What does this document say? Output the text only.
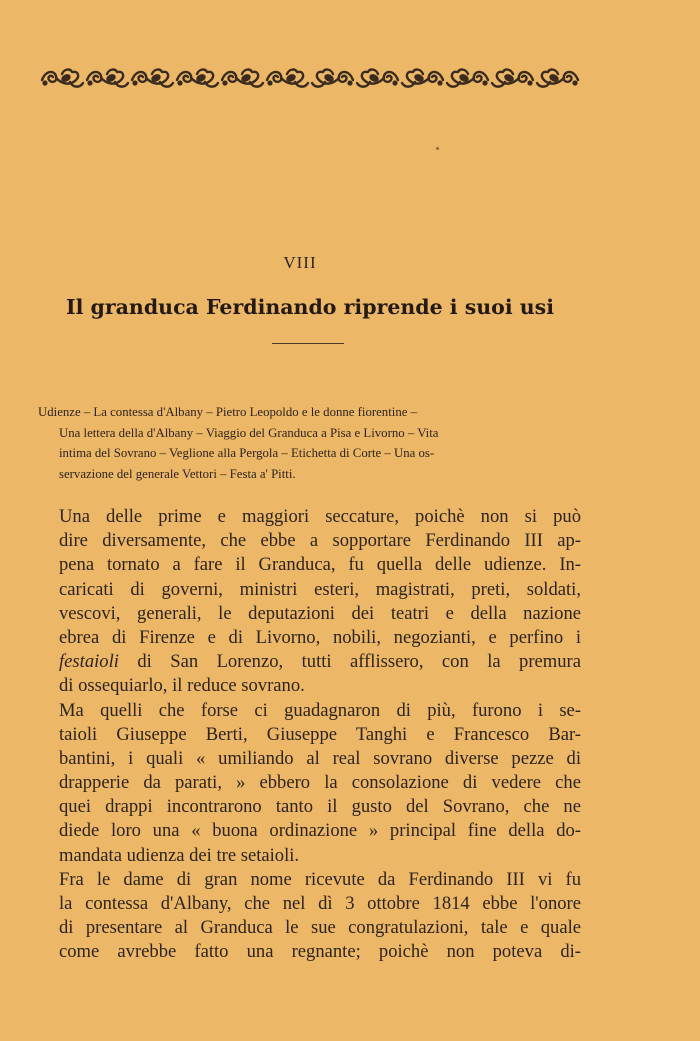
VIII
Il granduca Ferdinando riprende i suoi usi
Udienze – La contessa d'Albany – Pietro Leopoldo e le donne fiorentine –
Una lettera della d'Albany – Viaggio del Granduca a Pisa e Livorno – Vita
intima del Sovrano – Veglione alla Pergola – Etichetta di Corte – Una os-
servazione del generale Vettori – Festa a' Pitti.
Una delle prime e maggiori seccature, poichè non si può
dire diversamente, che ebbe a sopportare Ferdinando III ap-
pena tornato a fare il Granduca, fu quella delle udienze. In-
caricati di governi, ministri esteri, magistrati, preti, soldati,
vescovi, generali, le deputazioni dei teatri e della nazione
ebrea di Firenze e di Livorno, nobili, negozianti, e perfino i
festaioli di San Lorenzo, tutti afflissero, con la premura
di ossequiarlo, il reduce sovrano.
Ma quelli che forse ci guadagnaron di più, furono i se-
taioli Giuseppe Berti, Giuseppe Tanghi e Francesco Bar-
bantini, i quali « umiliando al real sovrano diverse pezze di
drapperie da parati, » ebbero la consolazione di vedere che
quei drappi incontrarono tanto il gusto del Sovrano, che ne
diede loro una « buona ordinazione » principal fine della do-
mandata udienza dei tre setaioli.
Fra le dame di gran nome ricevute da Ferdinando III vi fu
la contessa d'Albany, che nel dì 3 ottobre 1814 ebbe l'onore
di presentare al Granduca le sue congratulazioni, tale e quale
come avrebbe fatto una regnante; poichè non poteva di-
